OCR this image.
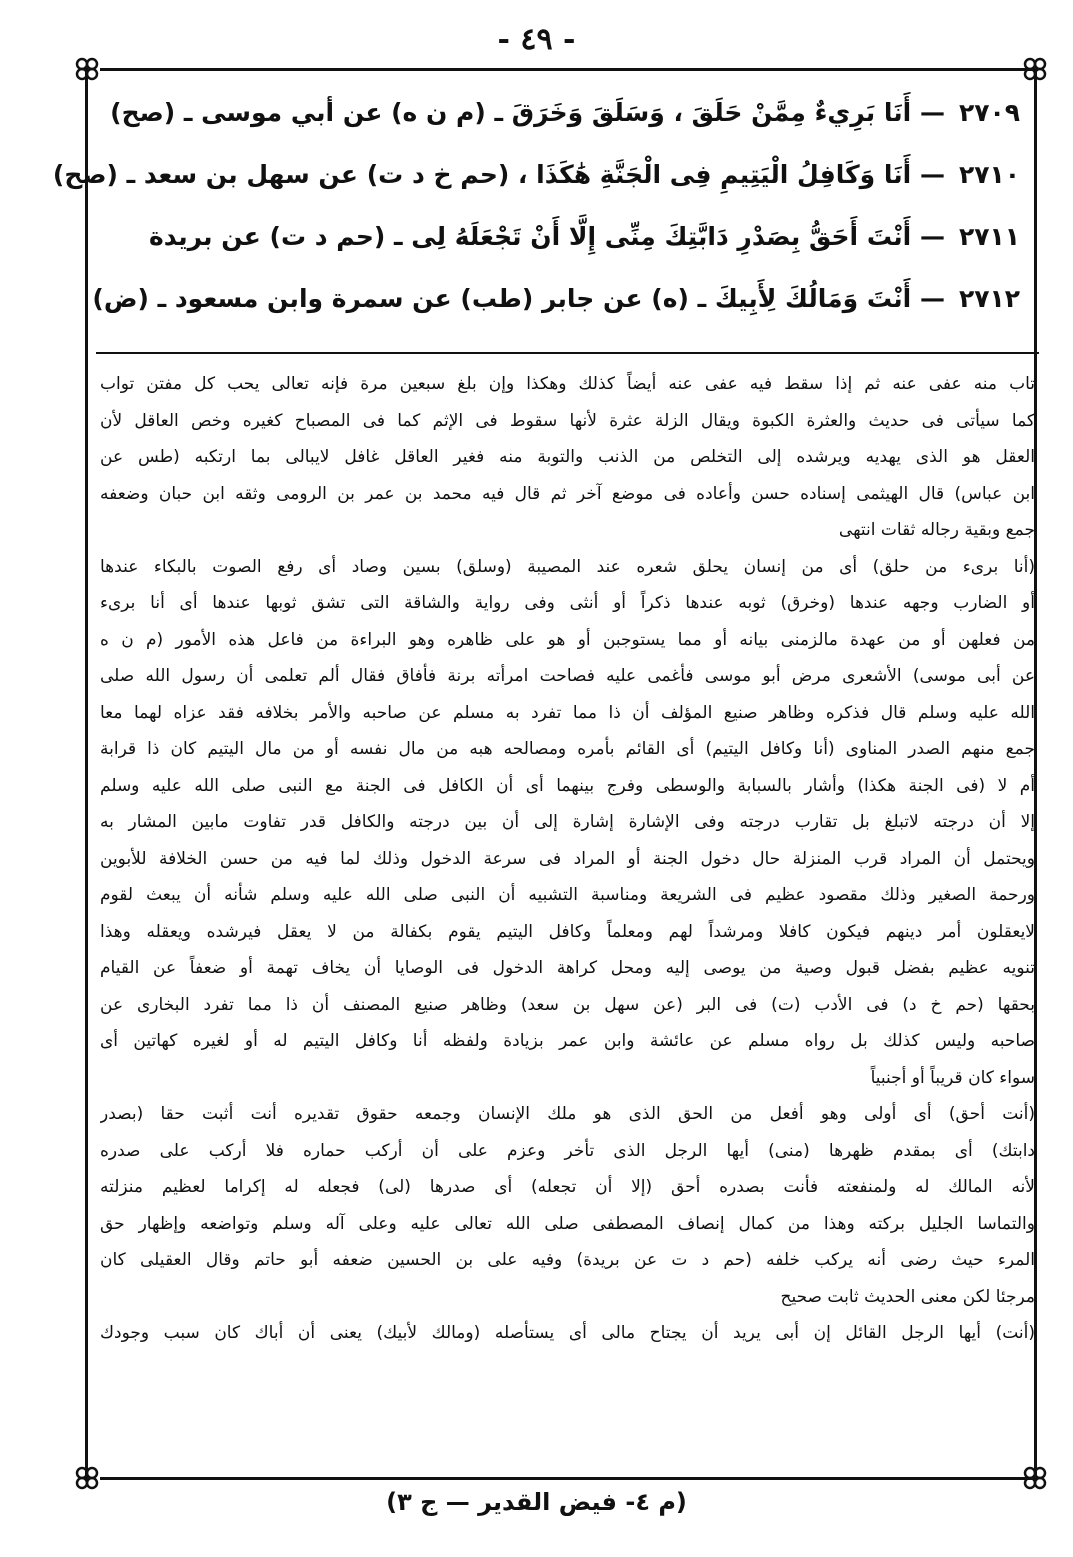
- ٤٩ -
٢٧٠٩— أَنَا بَرِيءٌ مِمَّنْ حَلَقَ ، وَسَلَقَ وَخَرَقَ ـ (م ن ه) عن أبي موسى ـ (صح)
٢٧١٠— أَنَا وَكَافِلُ الْيَتِيمِ فِى الْجَنَّةِ هَٰكَذَا ، (حم خ د ت) عن سهل بن سعد ـ (صح)
٢٧١١— أَنْتَ أَحَقُّ بِصَدْرِ دَابَّتِكَ مِنِّى إِلَّا أَنْ تَجْعَلَهُ لِى ـ (حم د ت) عن بريدة
٢٧١٢— أَنْتَ وَمَالُكَ لِأَبِيكَ ـ (ه) عن جابر (طب) عن سمرة وابن مسعود ـ (ض)
تاب منه عفى عنه ثم إذا سقط فيه عفى عنه أيضاً كذلك وهكذا وإن بلغ سبعين مرة فإنه تعالى يحب كل مفتن تواب
كما سيأتى فى حديث والعثرة الكبوة ويقال الزلة عثرة لأنها سقوط فى الإثم كما فى المصباح كغيره وخص العاقل لأن
العقل هو الذى يهديه ويرشده إلى التخلص من الذنب والتوبة منه فغير العاقل غافل لايبالى بما ارتكبه (طس عن
ابن عباس) قال الهيثمى إسناده حسن وأعاده فى موضع آخر ثم قال فيه محمد بن عمر بن الرومى وثقه ابن حبان وضعفه
جمع وبقية رجاله ثقات انتهى
(أنا برىء من حلق) أى من إنسان يحلق شعره عند المصيبة (وسلق) بسين وصاد أى رفع الصوت بالبكاء عندها
أو الضارب وجهه عندها (وخرق) ثوبه عندها ذكراً أو أنثى وفى رواية والشاقة التى تشق ثوبها عندها أى أنا برىء
من فعلهن أو من عهدة مالزمنى بيانه أو مما يستوجبن أو هو على ظاهره وهو البراءة من فاعل هذه الأمور (م ن ه
عن أبى موسى) الأشعرى مرض أبو موسى فأغمى عليه فصاحت امرأته برنة فأفاق فقال ألم تعلمى أن رسول الله صلى
الله عليه وسلم قال فذكره وظاهر صنيع المؤلف أن ذا مما تفرد به مسلم عن صاحبه والأمر بخلافه فقد عزاه لهما معا
جمع منهم الصدر المناوى (أنا وكافل اليتيم) أى القائم بأمره ومصالحه هبه من مال نفسه أو من مال اليتيم كان ذا قرابة
أم لا (فى الجنة هكذا) وأشار بالسبابة والوسطى وفرج بينهما أى أن الكافل فى الجنة مع النبى صلى الله عليه وسلم
إلا أن درجته لاتبلغ بل تقارب درجته وفى الإشارة إشارة إلى أن بين درجته والكافل قدر تفاوت مابين المشار به
ويحتمل أن المراد قرب المنزلة حال دخول الجنة أو المراد فى سرعة الدخول وذلك لما فيه من حسن الخلافة للأبوين
ورحمة الصغير وذلك مقصود عظيم فى الشريعة ومناسبة التشبيه أن النبى صلى الله عليه وسلم شأنه أن يبعث لقوم
لايعقلون أمر دينهم فيكون كافلا ومرشداً لهم ومعلماً وكافل اليتيم يقوم بكفالة من لا يعقل فيرشده ويعقله وهذا
تنويه عظيم بفضل قبول وصية من يوصى إليه ومحل كراهة الدخول فى الوصايا أن يخاف تهمة أو ضعفاً عن القيام
بحقها (حم خ د) فى الأدب (ت) فى البر (عن سهل بن سعد) وظاهر صنيع المصنف أن ذا مما تفرد البخارى عن
صاحبه وليس كذلك بل رواه مسلم عن عائشة وابن عمر بزيادة ولفظه أنا وكافل اليتيم له أو لغيره كهاتين أى
سواء كان قريباً أو أجنبياً
(أنت أحق) أى أولى وهو أفعل من الحق الذى هو ملك الإنسان وجمعه حقوق تقديره أنت أثبت حقا (بصدر
دابتك) أى بمقدم ظهرها (منى) أيها الرجل الذى تأخر وعزم على أن أركب حماره فلا أركب على صدره
لأنه المالك له ولمنفعته فأنت بصدره أحق (إلا أن تجعله) أى صدرها (لى) فجعله له إكراما لعظيم منزلته
والتماسا الجليل بركته وهذا من كمال إنصاف المصطفى صلى الله تعالى عليه وعلى آله وسلم وتواضعه وإظهار حق
المرء حيث رضى أنه يركب خلفه (حم د ت عن بريدة) وفيه على بن الحسين ضعفه أبو حاتم وقال العقيلى كان
مرجئا لكن معنى الحديث ثابت صحيح
(أنت) أيها الرجل القائل إن أبى يريد أن يجتاح مالى أى يستأصله (ومالك لأبيك) يعنى أن أباك كان سبب وجودك
(م ٤- فيض القدير — ج ٣)
